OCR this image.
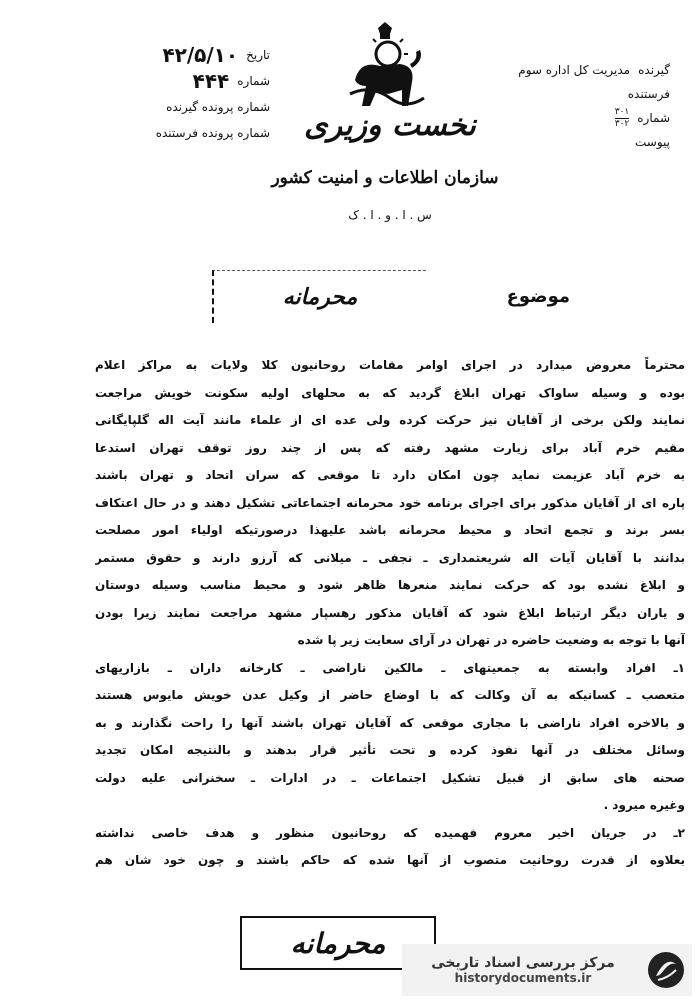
تاریخ
۴۲/۵/۱۰
شماره
۴۴۴
شماره پرونده گیرنده
شماره پرونده فرستنده
گیرنده
مدیریت کل اداره سوم
فرستنده
شماره
$\frac{۳۰۱}{۳۰۲}$
پیوست
نخست وزیری
سازمان اطلاعات و امنیت کشور
س . ا . و . ا . ک
موضوع
محرمانه
محترماً معروض میدارد در اجرای اوامر مقامات روحانیون کلا ولایات به مراکز اعلام
بوده و وسیله ساواک تهران ابلاغ گردید که به محلهای اولیه سکونت خویش مراجعت
نمایند ولکن برخی از آقایان نیز حرکت کرده ولی عده ای از علماء مانند آیت اله گلپایگانی
مقیم خرم آباد برای زیارت مشهد رفته که پس از چند روز توقف تهران استدعا
به خرم آباد عزیمت نماید چون امکان دارد تا موقعی که سران اتحاد و تهران باشند
پاره ای از آقایان مذکور برای اجرای برنامه خود محرمانه اجتماعاتی تشکیل دهند و در حال اعتکاف
بسر برند و تجمع اتحاد و محیط محرمانه باشد علیهذا درصورتیکه اولیاء امور مصلحت
بدانند با آقایان آیات اله شریعتمداری ـ نجفی ـ میلانی که آرزو دارند و حقوق مستمر
و ابلاغ نشده بود که حرکت نمایند منعرها ظاهر شود و محیط مناسب وسیله دوستان
و یاران دیگر ارتباط ابلاغ شود که آقایان مذکور رهسپار مشهد مراجعت نمایند زیرا بودن
آنها با توجه به وضعیت حاضره در تهران در آرای سعایت زیر پا شده
۱ـ افراد وابسته به جمعیتهای ـ مالکین ناراضی ـ کارخانه داران ـ بازاریهای
متعصب ـ کسانیکه به آن وکالت که با اوضاع حاضر از وکیل عدن خویش مایوس هستند
و بالاخره افراد ناراضی با مجاری موقعی که آقایان تهران باشند آنها را راحت نگذارند و به
وسائل مختلف در آنها نفوذ کرده و تحت تأثیر قرار بدهند و بالنتیجه امکان تجدید
صحنه های سابق از قبیل تشکیل اجتماعات ـ در ادارات ـ سخنرانی علیه دولت
وغیره میرود .
۲ـ در جریان اخیر معروم فهمیده که روحانیون منظور و هدف خاصی نداشته
بعلاوه از قدرت روحانیت متصوب از آنها شده که حاکم باشند و چون خود شان هم
محرمانه
مرکز بررسی اسناد تاریخی
historydocuments.ir
